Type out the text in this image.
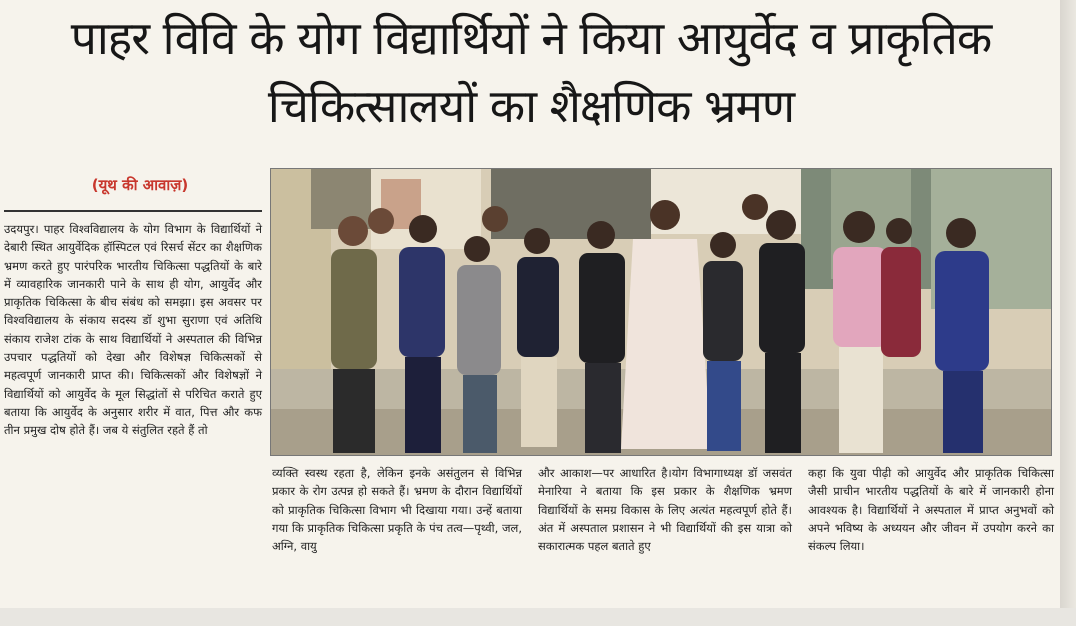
पाहर विवि के योग विद्यार्थियों ने किया आयुर्वेद व प्राकृतिक चिकित्सालयों का शैक्षणिक भ्रमण
(यूथ की आवाज़)

उदयपुर। पाहर विश्वविद्यालय के योग विभाग के विद्यार्थियों ने देबारी स्थित आयुर्वेदिक हॉस्पिटल एवं रिसर्च सेंटर का शैक्षणिक भ्रमण करते हुए पारंपरिक भारतीय चिकित्सा पद्धतियों के बारे में व्यावहारिक जानकारी पाने के साथ ही योग, आयुर्वेद और प्राकृतिक चिकित्सा के बीच संबंध को समझा। इस अवसर पर विश्वविद्यालय के संकाय सदस्य डॉ शुभा सुराणा एवं अतिथि संकाय राजेश टांक के साथ विद्यार्थियों ने अस्पताल की विभिन्न उपचार पद्धतियों को देखा और विशेषज्ञ चिकित्सकों से महत्वपूर्ण जानकारी प्राप्त की। चिकित्सकों और विशेषज्ञों ने विद्यार्थियों को आयुर्वेद के मूल सिद्धांतों से परिचित कराते हुए बताया कि आयुर्वेद के अनुसार शरीर में वात, पित्त और कफ तीन प्रमुख दोष होते हैं। जब ये संतुलित रहते हैं तो

व्यक्ति स्वस्थ रहता है, लेकिन इनके असंतुलन से विभिन्न प्रकार के रोग उत्पन्न हो सकते हैं। भ्रमण के दौरान विद्यार्थियों को प्राकृतिक चिकित्सा विभाग भी दिखाया गया। उन्हें बताया गया कि प्राकृतिक चिकित्सा प्रकृति के पंच तत्व—पृथ्वी, जल, अग्नि, वायु

और आकाश—पर आधारित है।योग विभागाध्यक्ष डॉ जसवंत मेनारिया ने बताया कि इस प्रकार के शैक्षणिक भ्रमण विद्यार्थियों के समग्र विकास के लिए अत्यंत महत्वपूर्ण होते हैं। अंत में अस्पताल प्रशासन ने भी विद्यार्थियों की इस यात्रा को सकारात्मक पहल बताते हुए

कहा कि युवा पीढ़ी को आयुर्वेद और प्राकृतिक चिकित्सा जैसी प्राचीन भारतीय पद्धतियों के बारे में जानकारी होना आवश्यक है। विद्यार्थियों ने अस्पताल में प्राप्त अनुभवों को अपने भविष्य के अध्ययन और जीवन में उपयोग करने का संकल्प लिया।
